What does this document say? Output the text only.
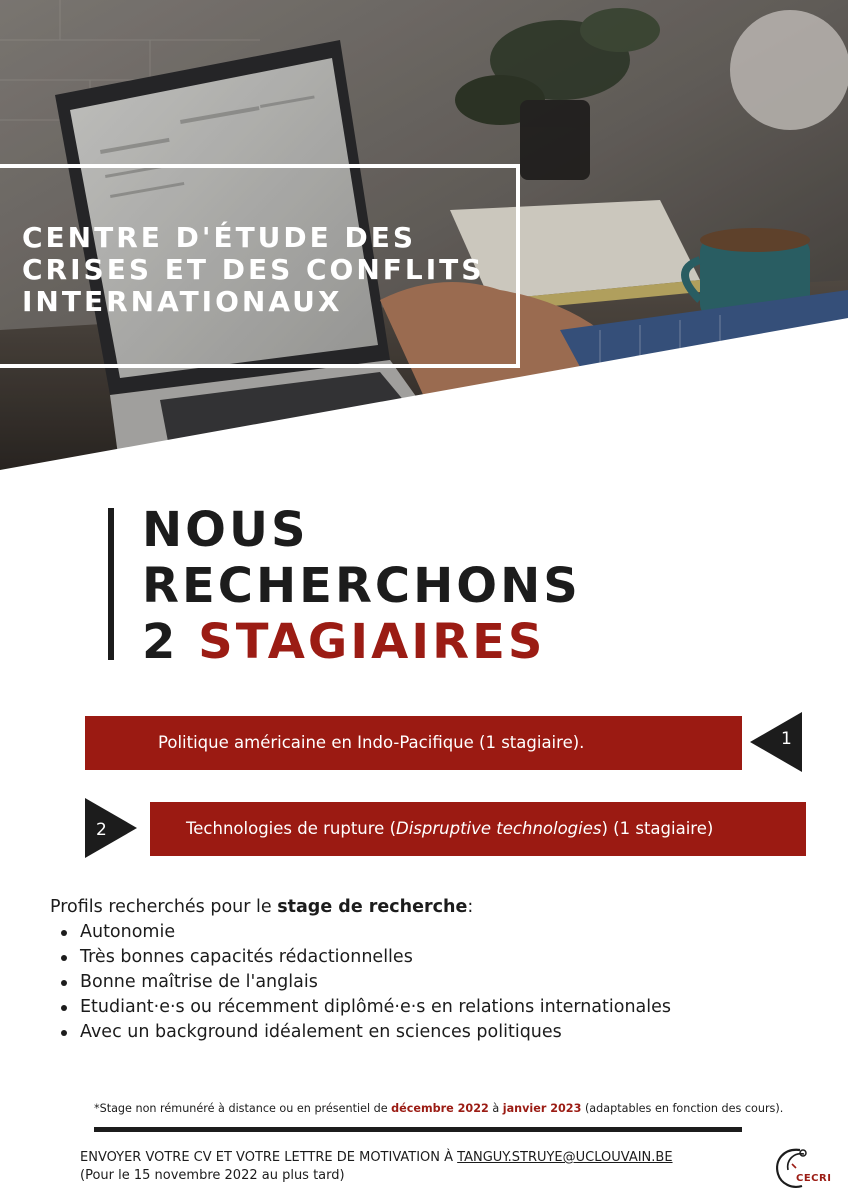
CENTRE D'ÉTUDE DES CRISES ET DES CONFLITS INTERNATIONAUX
NOUS
RECHERCHONS
2 STAGIAIRES
Politique américaine en Indo-Pacifique (1 stagiaire).	1
2	Technologies de rupture (Dispruptive technologies) (1 stagiaire)
Profils recherchés pour le stage de recherche:
Autonomie
Très bonnes capacités rédactionnelles
Bonne maîtrise de l'anglais
Etudiant·e·s ou récemment diplômé·e·s en relations internationales
Avec un background idéalement en sciences politiques
*Stage non rémunéré à distance ou en présentiel de décembre 2022 à janvier 2023 (adaptables en fonction des cours).
ENVOYER VOTRE CV ET VOTRE LETTRE DE MOTIVATION À TANGUY.STRUYE@UCLOUVAIN.BE
(Pour le 15 novembre 2022 au plus tard)	CECRI
